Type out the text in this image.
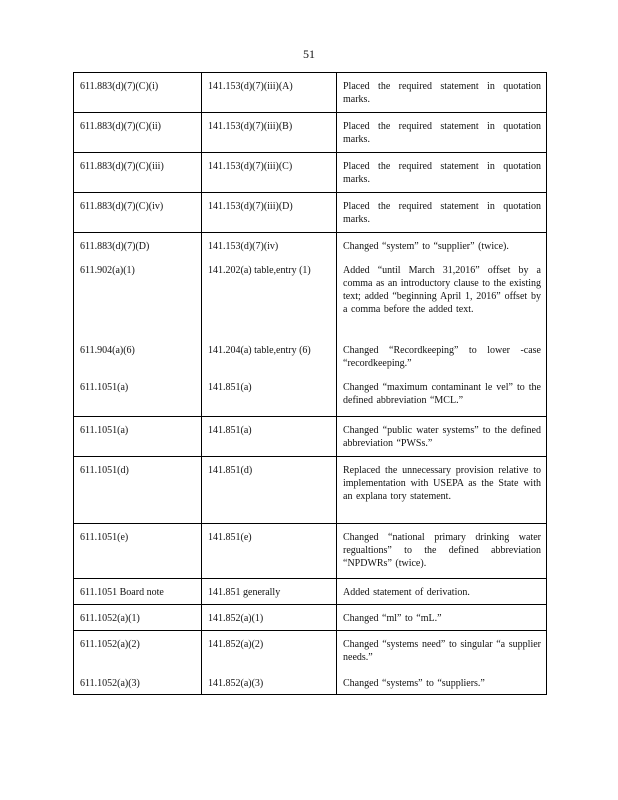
51
611.883(d)(7)(C)(i)	141.153(d)(7)(iii)(A)	Placed the required statement in quotation marks.
611.883(d)(7)(C)(ii)	141.153(d)(7)(iii)(B)	Placed the required statement in quotation marks.
611.883(d)(7)(C)(iii)	141.153(d)(7)(iii)(C)	Placed the required statement in quotation marks.
611.883(d)(7)(C)(iv)	141.153(d)(7)(iii)(D)	Placed the required statement in quotation marks.
611.883(d)(7)(D)	141.153(d)(7)(iv)	Changed “system” to “supplier” (twice).
611.902(a)(1)	141.202(a) table,entry (1)	Added “until March 31,2016” offset by a comma as an introductory clause to the existing text; added “beginning April 1, 2016” offset by a comma before the added text.
611.904(a)(6)	141.204(a) table,entry (6)	Changed “Recordkeeping” to lower -case “recordkeeping.”
611.1051(a)	141.851(a)	Changed “maximum contaminant le vel” to the defined abbreviation “MCL.”
611.1051(a)	141.851(a)	Changed “public water systems” to the defined abbreviation “PWSs.”
611.1051(d)	141.851(d)	Replaced the unnecessary provision relative to implementation with USEPA as the State with an explana tory statement.
611.1051(e)	141.851(e)	Changed “national primary drinking water regualtions” to the defined abbreviation “NPDWRs” (twice).
611.1051 Board note	141.851 generally	Added statement of derivation.
611.1052(a)(1)	141.852(a)(1)	Changed “ml” to “mL.”
611.1052(a)(2)	141.852(a)(2)	Changed “systems need” to singular “a supplier needs.”
611.1052(a)(3)	141.852(a)(3)	Changed “systems” to “suppliers.”
